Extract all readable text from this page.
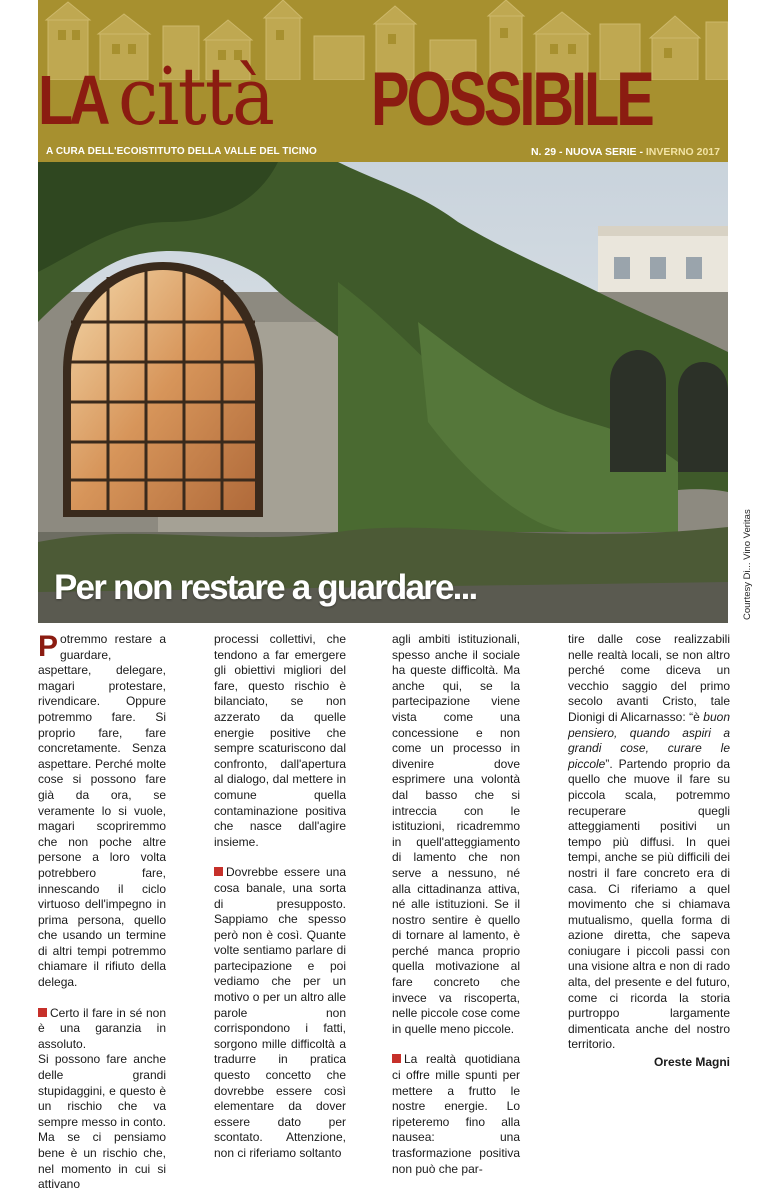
LA città POSSIBILE
A CURA DELL'ECOISTITUTO DELLA VALLE DEL TICINO	N. 29 - NUOVA SERIE - INVERNO 2017
Per non restare a guardare...	Courtesy Di... Vino Veritas

Potremmo restare a guardare, aspettare, delegare, magari protestare, rivendicare. Oppure potremmo fare. Si proprio fare, fare concretamente. Senza aspettare. Perché molte cose si possono fare già da ora, se veramente lo si vuole, magari scopriremmo che non poche altre persone a loro volta potrebbero fare, innescando il ciclo virtuoso dell'impegno in prima persona, quello che usando un termine di altri tempi potremmo chiamare il rifiuto della delega.

Certo il fare in sé non è una garanzia in assoluto.
Si possono fare anche delle grandi stupidaggini, e questo è un rischio che va sempre messo in conto. Ma se ci pensiamo bene è un rischio che, nel momento in cui si attivano

processi collettivi, che tendono a far emergere gli obiettivi migliori del fare, questo rischio è bilanciato, se non azzerato da quelle energie positive che sempre scaturiscono dal confronto, dall'apertura al dialogo, dal mettere in comune quella contaminazione positiva che nasce dall'agire insieme.

Dovrebbe essere una cosa banale, una sorta di presupposto. Sappiamo che spesso però non è così. Quante volte sentiamo parlare di partecipazione e poi vediamo che per un motivo o per un altro alle parole non corrispondono i fatti, sorgono mille difficoltà a tradurre in pratica questo concetto che dovrebbe essere così elementare da dover essere dato per scontato. Attenzione, non ci riferiamo soltanto

agli ambiti istituzionali, spesso anche il sociale ha queste difficoltà. Ma anche qui, se la partecipazione viene vista come una concessione e non come un processo in divenire dove esprimere una volontà dal basso che si intreccia con le istituzioni, ricadremmo in quell'atteggiamento di lamento che non serve a nessuno, né alla cittadinanza attiva, né alle istituzioni. Se il nostro sentire è quello di tornare al lamento, è perché manca proprio quella motivazione al fare concreto che invece va riscoperta, nelle piccole cose come in quelle meno piccole.

La realtà quotidiana ci offre mille spunti per mettere a frutto le nostre energie. Lo ripeteremo fino alla nausea: una trasformazione positiva non può che par-

tire dalle cose realizzabili nelle realtà locali, se non altro perché come diceva un vecchio saggio del primo secolo avanti Cristo, tale Dionigi di Alicarnasso: “è buon pensiero, quando aspiri a grandi cose, curare le piccole”. Partendo proprio da quello che muove il fare su piccola scala, potremmo recuperare quegli atteggiamenti positivi un tempo più diffusi. In quei tempi, anche se più difficili dei nostri il fare concreto era di casa. Ci riferiamo a quel movimento che si chiamava mutualismo, quella forma di azione diretta, che sapeva coniugare i piccoli passi con una visione altra e non di rado alta, del presente e del futuro, come ci ricorda la storia purtroppo largamente dimenticata anche del nostro territorio.

Oreste Magni
